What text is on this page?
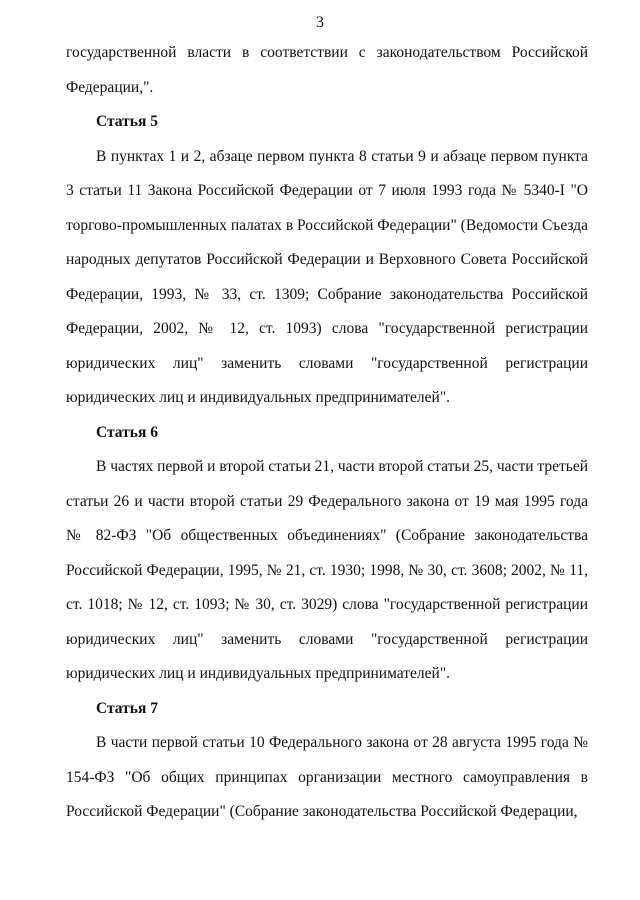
3

государственной власти в соответствии с законодательством Российской Федерации,".

Статья 5

В пунктах 1 и 2, абзаце первом пункта 8 статьи 9 и абзаце первом пункта 3 статьи 11 Закона Российской Федерации от 7 июля 1993 года № 5340-I "О торгово-промышленных палатах в Российской Федерации" (Ведомости Съезда народных депутатов Российской Федерации и Верховного Совета Российской Федерации, 1993, № 33, ст. 1309; Собрание законодательства Российской Федерации, 2002, № 12, ст. 1093) слова "государственной регистрации юридических лиц" заменить словами "государственной регистрации юридических лиц и индивидуальных предпринимателей".

Статья 6

В частях первой и второй статьи 21, части второй статьи 25, части третьей статьи 26 и части второй статьи 29 Федерального закона от 19 мая 1995 года № 82-ФЗ "Об общественных объединениях" (Собрание законодательства Российской Федерации, 1995, № 21, ст. 1930; 1998, № 30, ст. 3608; 2002, № 11, ст. 1018; № 12, ст. 1093; № 30, ст. 3029) слова "государственной регистрации юридических лиц" заменить словами "государственной регистрации юридических лиц и индивидуальных предпринимателей".

Статья 7

В части первой статьи 10 Федерального закона от 28 августа 1995 года № 154-ФЗ "Об общих принципах организации местного самоуправления в Российской Федерации" (Собрание законодательства Российской Федерации,
